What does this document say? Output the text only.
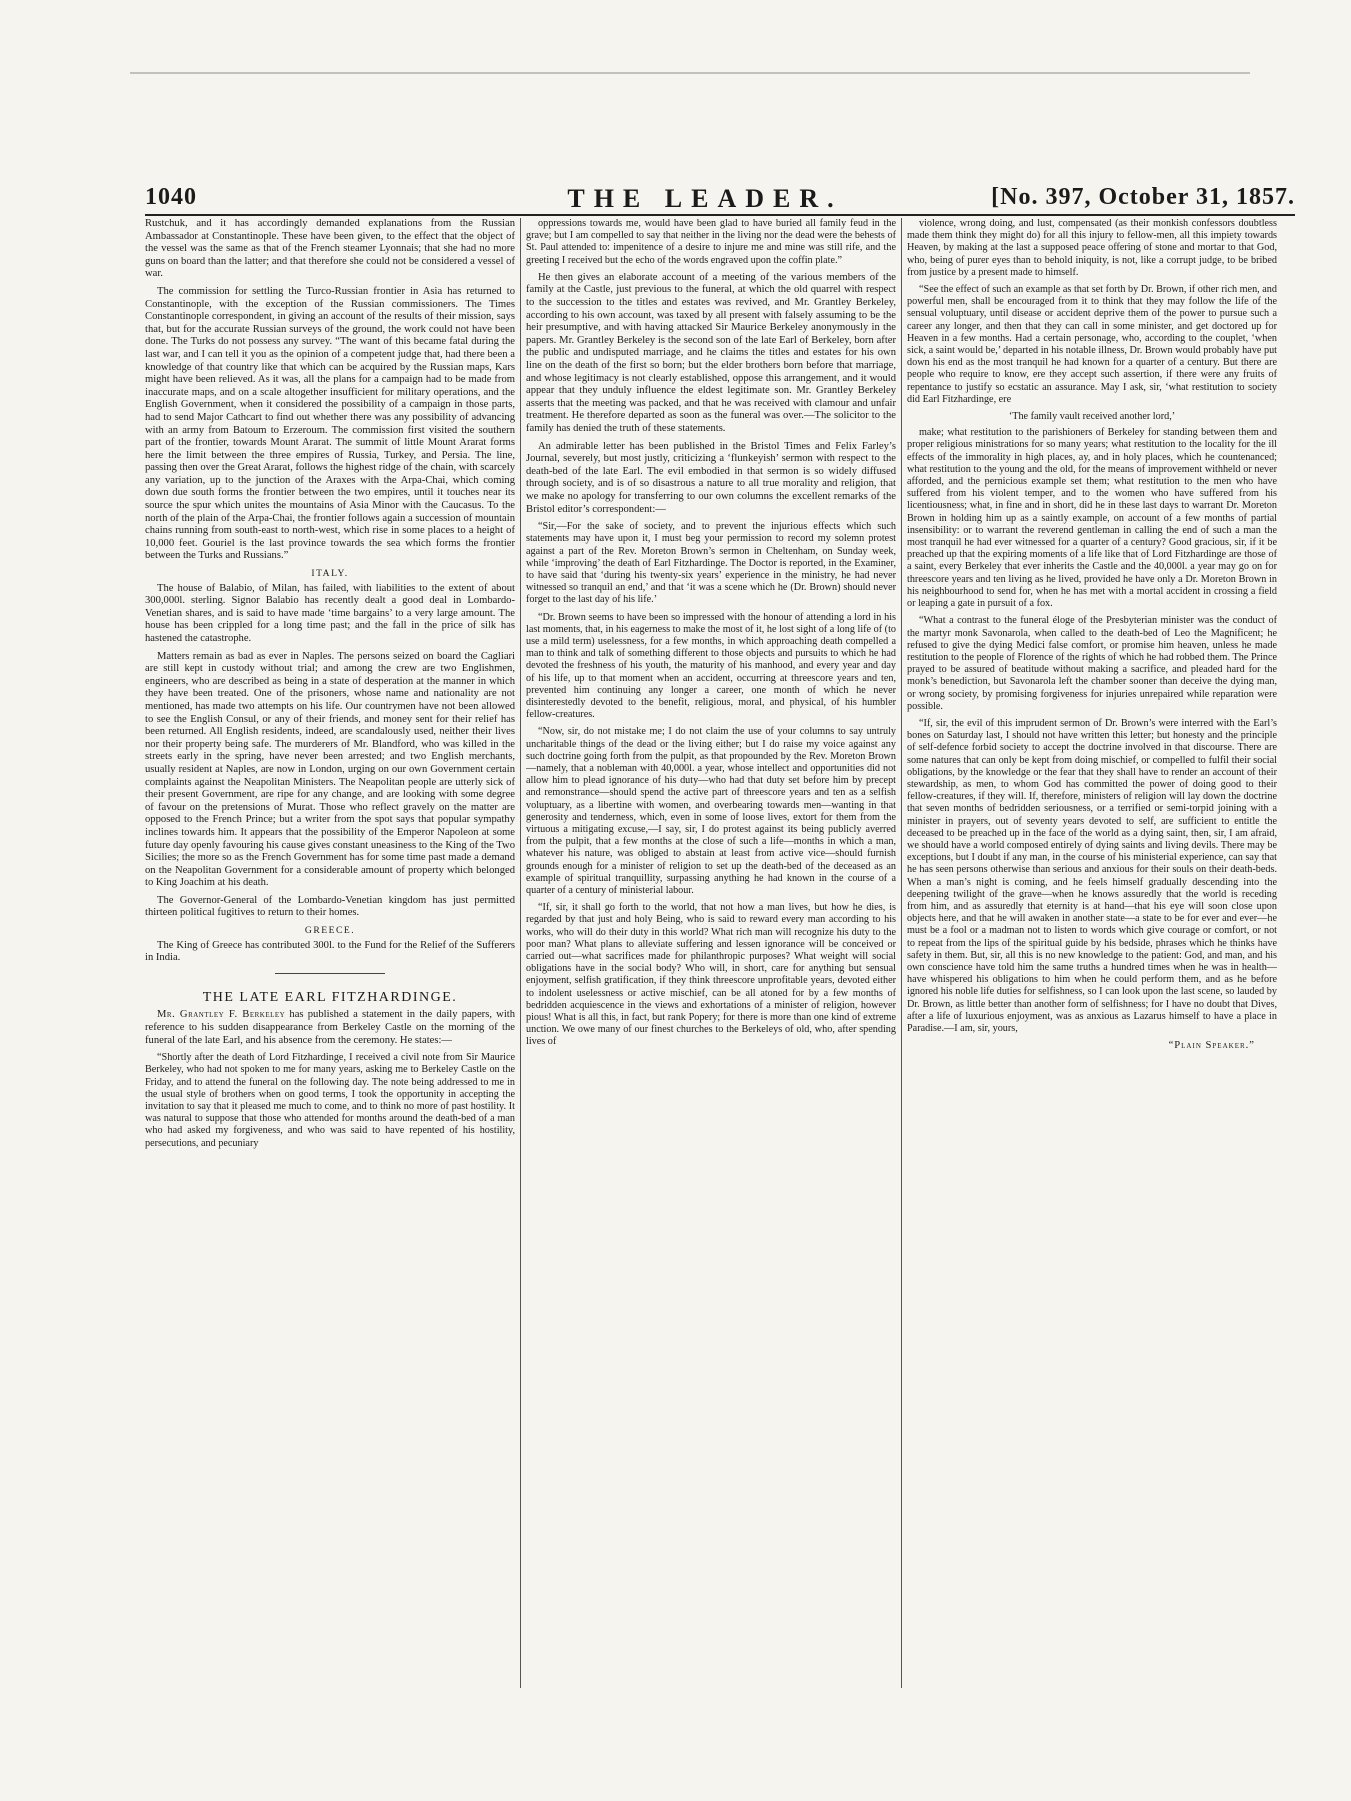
1040	THE LEADER.	[No. 397, October 31, 1857.

Rustchuk, and it has accordingly demanded explanations from the Russian Ambassador at Constantinople. These have been given, to the effect that the object of the vessel was the same as that of the French steamer Lyonnais; that she had no more guns on board than the latter; and that therefore she could not be considered a vessel of war.

The commission for settling the Turco-Russian frontier in Asia has returned to Constantinople, with the exception of the Russian commissioners. The Times Constantinople correspondent, in giving an account of the results of their mission, says that, but for the accurate Russian surveys of the ground, the work could not have been done. The Turks do not possess any survey. “The want of this became fatal during the last war, and I can tell it you as the opinion of a competent judge that, had there been a knowledge of that country like that which can be acquired by the Russian maps, Kars might have been relieved. As it was, all the plans for a campaign had to be made from inaccurate maps, and on a scale altogether insufficient for military operations, and the English Government, when it considered the possibility of a campaign in those parts, had to send Major Cathcart to find out whether there was any possibility of advancing with an army from Batoum to Erzeroum. The commission first visited the southern part of the frontier, towards Mount Ararat. The summit of little Mount Ararat forms here the limit between the three empires of Russia, Turkey, and Persia. The line, passing then over the Great Ararat, follows the highest ridge of the chain, with scarcely any variation, up to the junction of the Araxes with the Arpa-Chai, which coming down due south forms the frontier between the two empires, until it touches near its source the spur which unites the mountains of Asia Minor with the Caucasus. To the north of the plain of the Arpa-Chai, the frontier follows again a succession of mountain chains running from south-east to north-west, which rise in some places to a height of 10,000 feet. Gouriel is the last province towards the sea which forms the frontier between the Turks and Russians.”

ITALY.

The house of Balabio, of Milan, has failed, with liabilities to the extent of about 300,000l. sterling. Signor Balabio has recently dealt a good deal in Lombardo-Venetian shares, and is said to have made ‘time bargains’ to a very large amount. The house has been crippled for a long time past; and the fall in the price of silk has hastened the catastrophe.

Matters remain as bad as ever in Naples. The persons seized on board the Cagliari are still kept in custody without trial; and among the crew are two Englishmen, engineers, who are described as being in a state of desperation at the manner in which they have been treated. One of the prisoners, whose name and nationality are not mentioned, has made two attempts on his life. Our countrymen have not been allowed to see the English Consul, or any of their friends, and money sent for their relief has been returned. All English residents, indeed, are scandalously used, neither their lives nor their property being safe. The murderers of Mr. Blandford, who was killed in the streets early in the spring, have never been arrested; and two English merchants, usually resident at Naples, are now in London, urging on our own Government certain complaints against the Neapolitan Ministers. The Neapolitan people are utterly sick of their present Government, are ripe for any change, and are looking with some degree of favour on the pretensions of Murat. Those who reflect gravely on the matter are opposed to the French Prince; but a writer from the spot says that popular sympathy inclines towards him. It appears that the possibility of the Emperor Napoleon at some future day openly favouring his cause gives constant uneasiness to the King of the Two Sicilies; the more so as the French Government has for some time past made a demand on the Neapolitan Government for a considerable amount of property which belonged to King Joachim at his death.

The Governor-General of the Lombardo-Venetian kingdom has just permitted thirteen political fugitives to return to their homes.

GREECE.

The King of Greece has contributed 300l. to the Fund for the Relief of the Sufferers in India.

THE LATE EARL FITZHARDINGE.

Mr. Grantley F. Berkeley has published a statement in the daily papers, with reference to his sudden disappearance from Berkeley Castle on the morning of the funeral of the late Earl, and his absence from the ceremony. He states:—

“Shortly after the death of Lord Fitzhardinge, I received a civil note from Sir Maurice Berkeley, who had not spoken to me for many years, asking me to Berkeley Castle on the Friday, and to attend the funeral on the following day. The note being addressed to me in the usual style of brothers when on good terms, I took the opportunity in accepting the invitation to say that it pleased me much to come, and to think no more of past hostility. It was natural to suppose that those who attended for months around the death-bed of a man who had asked my forgiveness, and who was said to have repented of his hostility, persecutions, and pecuniary

oppressions towards me, would have been glad to have buried all family feud in the grave; but I am compelled to say that neither in the living nor the dead were the behests of St. Paul attended to: impenitence of a desire to injure me and mine was still rife, and the greeting I received but the echo of the words engraved upon the coffin plate.”

He then gives an elaborate account of a meeting of the various members of the family at the Castle, just previous to the funeral, at which the old quarrel with respect to the succession to the titles and estates was revived, and Mr. Grantley Berkeley, according to his own account, was taxed by all present with falsely assuming to be the heir presumptive, and with having attacked Sir Maurice Berkeley anonymously in the papers. Mr. Grantley Berkeley is the second son of the late Earl of Berkeley, born after the public and undisputed marriage, and he claims the titles and estates for his own line on the death of the first so born; but the elder brothers born before that marriage, and whose legitimacy is not clearly established, oppose this arrangement, and it would appear that they unduly influence the eldest legitimate son. Mr. Grantley Berkeley asserts that the meeting was packed, and that he was received with clamour and unfair treatment. He therefore departed as soon as the funeral was over.—The solicitor to the family has denied the truth of these statements.

An admirable letter has been published in the Bristol Times and Felix Farley’s Journal, severely, but most justly, criticizing a ‘flunkeyish’ sermon with respect to the death-bed of the late Earl. The evil embodied in that sermon is so widely diffused through society, and is of so disastrous a nature to all true morality and religion, that we make no apology for transferring to our own columns the excellent remarks of the Bristol editor’s correspondent:—

“Sir,—For the sake of society, and to prevent the injurious effects which such statements may have upon it, I must beg your permission to record my solemn protest against a part of the Rev. Moreton Brown’s sermon in Cheltenham, on Sunday week, while ‘improving’ the death of Earl Fitzhardinge. The Doctor is reported, in the Examiner, to have said that ‘during his twenty-six years’ experience in the ministry, he had never witnessed so tranquil an end,’ and that ‘it was a scene which he (Dr. Brown) should never forget to the last day of his life.’

“Dr. Brown seems to have been so impressed with the honour of attending a lord in his last moments, that, in his eagerness to make the most of it, he lost sight of a long life of (to use a mild term) uselessness, for a few months, in which approaching death compelled a man to think and talk of something different to those objects and pursuits to which he had devoted the freshness of his youth, the maturity of his manhood, and every year and day of his life, up to that moment when an accident, occurring at threescore years and ten, prevented him continuing any longer a career, one month of which he never disinterestedly devoted to the benefit, religious, moral, and physical, of his humbler fellow-creatures.

“Now, sir, do not mistake me; I do not claim the use of your columns to say untruly uncharitable things of the dead or the living either; but I do raise my voice against any such doctrine going forth from the pulpit, as that propounded by the Rev. Moreton Brown—namely, that a nobleman with 40,000l. a year, whose intellect and opportunities did not allow him to plead ignorance of his duty—who had that duty set before him by precept and remonstrance—should spend the active part of threescore years and ten as a selfish voluptuary, as a libertine with women, and overbearing towards men—wanting in that generosity and tenderness, which, even in some of loose lives, extort for them from the virtuous a mitigating excuse,—I say, sir, I do protest against its being publicly averred from the pulpit, that a few months at the close of such a life—months in which a man, whatever his nature, was obliged to abstain at least from active vice—should furnish grounds enough for a minister of religion to set up the death-bed of the deceased as an example of spiritual tranquillity, surpassing anything he had known in the course of a quarter of a century of ministerial labour.

“If, sir, it shall go forth to the world, that not how a man lives, but how he dies, is regarded by that just and holy Being, who is said to reward every man according to his works, who will do their duty in this world? What rich man will recognize his duty to the poor man? What plans to alleviate suffering and lessen ignorance will be conceived or carried out—what sacrifices made for philanthropic purposes? What weight will social obligations have in the social body? Who will, in short, care for anything but sensual enjoyment, selfish gratification, if they think threescore unprofitable years, devoted either to indolent uselessness or active mischief, can be all atoned for by a few months of bedridden acquiescence in the views and exhortations of a minister of religion, however pious! What is all this, in fact, but rank Popery; for there is more than one kind of extreme unction. We owe many of our finest churches to the Berkeleys of old, who, after spending lives of

violence, wrong doing, and lust, compensated (as their monkish confessors doubtless made them think they might do) for all this injury to fellow-men, all this impiety towards Heaven, by making at the last a supposed peace offering of stone and mortar to that God, who, being of purer eyes than to behold iniquity, is not, like a corrupt judge, to be bribed from justice by a present made to himself.

“See the effect of such an example as that set forth by Dr. Brown, if other rich men, and powerful men, shall be encouraged from it to think that they may follow the life of the sensual voluptuary, until disease or accident deprive them of the power to pursue such a career any longer, and then that they can call in some minister, and get doctored up for Heaven in a few months. Had a certain personage, who, according to the couplet, ‘when sick, a saint would be,’ departed in his notable illness, Dr. Brown would probably have put down his end as the most tranquil he had known for a quarter of a century. But there are people who require to know, ere they accept such assertion, if there were any fruits of repentance to justify so ecstatic an assurance. May I ask, sir, ‘what restitution to society did Earl Fitzhardinge, ere

‘The family vault received another lord,’

make; what restitution to the parishioners of Berkeley for standing between them and proper religious ministrations for so many years; what restitution to the locality for the ill effects of the immorality in high places, ay, and in holy places, which he countenanced; what restitution to the young and the old, for the means of improvement withheld or never afforded, and the pernicious example set them; what restitution to the men who have suffered from his violent temper, and to the women who have suffered from his licentiousness; what, in fine and in short, did he in these last days to warrant Dr. Moreton Brown in holding him up as a saintly example, on account of a few months of partial insensibility: or to warrant the reverend gentleman in calling the end of such a man the most tranquil he had ever witnessed for a quarter of a century? Good gracious, sir, if it be preached up that the expiring moments of a life like that of Lord Fitzhardinge are those of a saint, every Berkeley that ever inherits the Castle and the 40,000l. a year may go on for threescore years and ten living as he lived, provided he have only a Dr. Moreton Brown in his neighbourhood to send for, when he has met with a mortal accident in crossing a field or leaping a gate in pursuit of a fox.

“What a contrast to the funeral éloge of the Presbyterian minister was the conduct of the martyr monk Savonarola, when called to the death-bed of Leo the Magnificent; he refused to give the dying Medici false comfort, or promise him heaven, unless he made restitution to the people of Florence of the rights of which he had robbed them. The Prince prayed to be assured of beatitude without making a sacrifice, and pleaded hard for the monk’s benediction, but Savonarola left the chamber sooner than deceive the dying man, or wrong society, by promising forgiveness for injuries unrepaired while reparation were possible.

“If, sir, the evil of this imprudent sermon of Dr. Brown’s were interred with the Earl’s bones on Saturday last, I should not have written this letter; but honesty and the principle of self-defence forbid society to accept the doctrine involved in that discourse. There are some natures that can only be kept from doing mischief, or compelled to fulfil their social obligations, by the knowledge or the fear that they shall have to render an account of their stewardship, as men, to whom God has committed the power of doing good to their fellow-creatures, if they will. If, therefore, ministers of religion will lay down the doctrine that seven months of bedridden seriousness, or a terrified or semi-torpid joining with a minister in prayers, out of seventy years devoted to self, are sufficient to entitle the deceased to be preached up in the face of the world as a dying saint, then, sir, I am afraid, we should have a world composed entirely of dying saints and living devils. There may be exceptions, but I doubt if any man, in the course of his ministerial experience, can say that he has seen persons otherwise than serious and anxious for their souls on their death-beds. When a man’s night is coming, and he feels himself gradually descending into the deepening twilight of the grave—when he knows assuredly that the world is receding from him, and as assuredly that eternity is at hand—that his eye will soon close upon objects here, and that he will awaken in another state—a state to be for ever and ever—he must be a fool or a madman not to listen to words which give courage or comfort, or not to repeat from the lips of the spiritual guide by his bedside, phrases which he thinks have safety in them. But, sir, all this is no new knowledge to the patient: God, and man, and his own conscience have told him the same truths a hundred times when he was in health—have whispered his obligations to him when he could perform them, and as he before ignored his noble life duties for selfishness, so I can look upon the last scene, so lauded by Dr. Brown, as little better than another form of selfishness; for I have no doubt that Dives, after a life of luxurious enjoyment, was as anxious as Lazarus himself to have a place in Paradise.—I am, sir, yours,

“Plain Speaker.”
